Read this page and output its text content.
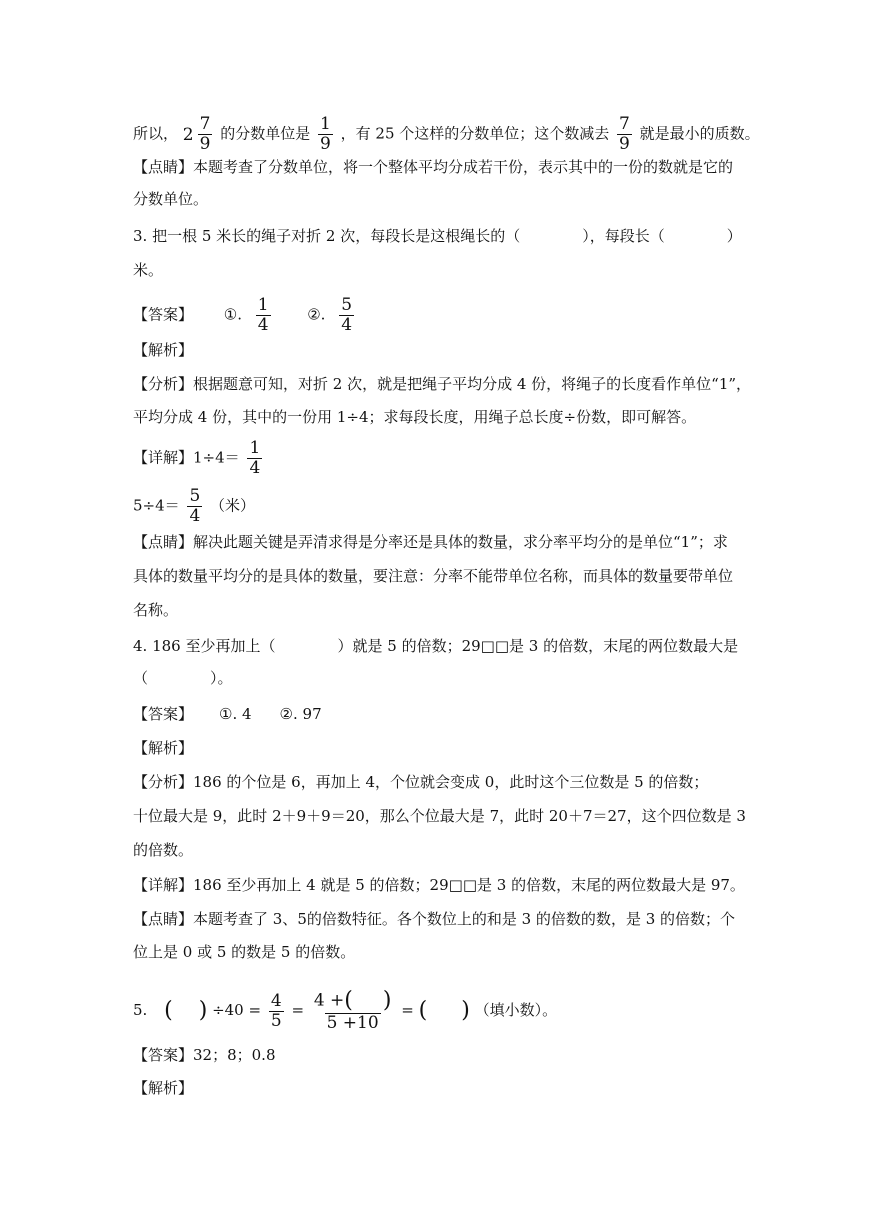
所以， $2 \frac{7}{9}$ 的分数单位是 $\frac{1}{9}$ ，有 25 个这样的分数单位；这个数减去 $\frac{7}{9}$ 就是最小的质数。
【点睛】本题考查了分数单位，将一个整体平均分成若干份，表示其中的一份的数就是它的
分数单位。
3. 把一根 5 米长的绳子对折 2 次，每段长是这根绳长的（	），每段长（	）
米。
【答案】 ①. $\frac{1}{4}$ ②. $\frac{5}{4}$
【解析】
【分析】根据题意可知，对折 2 次，就是把绳子平均分成 4 份，将绳子的长度看作单位“1”，
平均分成 4 份，其中的一份用 1÷4；求每段长度，用绳子总长度÷份数，即可解答。
【详解】$1\div 4= \frac{1}{4}$
$5\div 4= \frac{5}{4}$ （米）
【点睛】解决此题关键是弄清求得是分率还是具体的数量，求分率平均分的是单位“1”；求
具体的数量平均分的是具体的数量，要注意：分率不能带单位名称，而具体的数量要带单位
名称。
4. 186 至少再加上（	）就是 5 的倍数；29□□是 3 的倍数，末尾的两位数最大是
（	）。
【答案】 ①. 4 ②. 97
【解析】
【分析】186 的个位是 6，再加上 4，个位就会变成 0，此时这个三位数是 5 的倍数；
十位最大是 9，此时 2＋9＋9＝20，那么个位最大是 7，此时 20＋7＝27，这个四位数是 3
的倍数。
【详解】186 至少再加上 4 就是 5 的倍数；29□□是 3 的倍数，末尾的两位数最大是 97。
【点睛】本题考查了 3、5的倍数特征。各个数位上的和是 3 的倍数的数，是 3 的倍数；个
位上是 0 或 5 的数是 5 的倍数。
5. ( ) $\div 40 = \frac{4}{5} = \frac{4 +( )}{5 +10}$ = ( ) （填小数）。
【答案】32；8；0.8
【解析】
